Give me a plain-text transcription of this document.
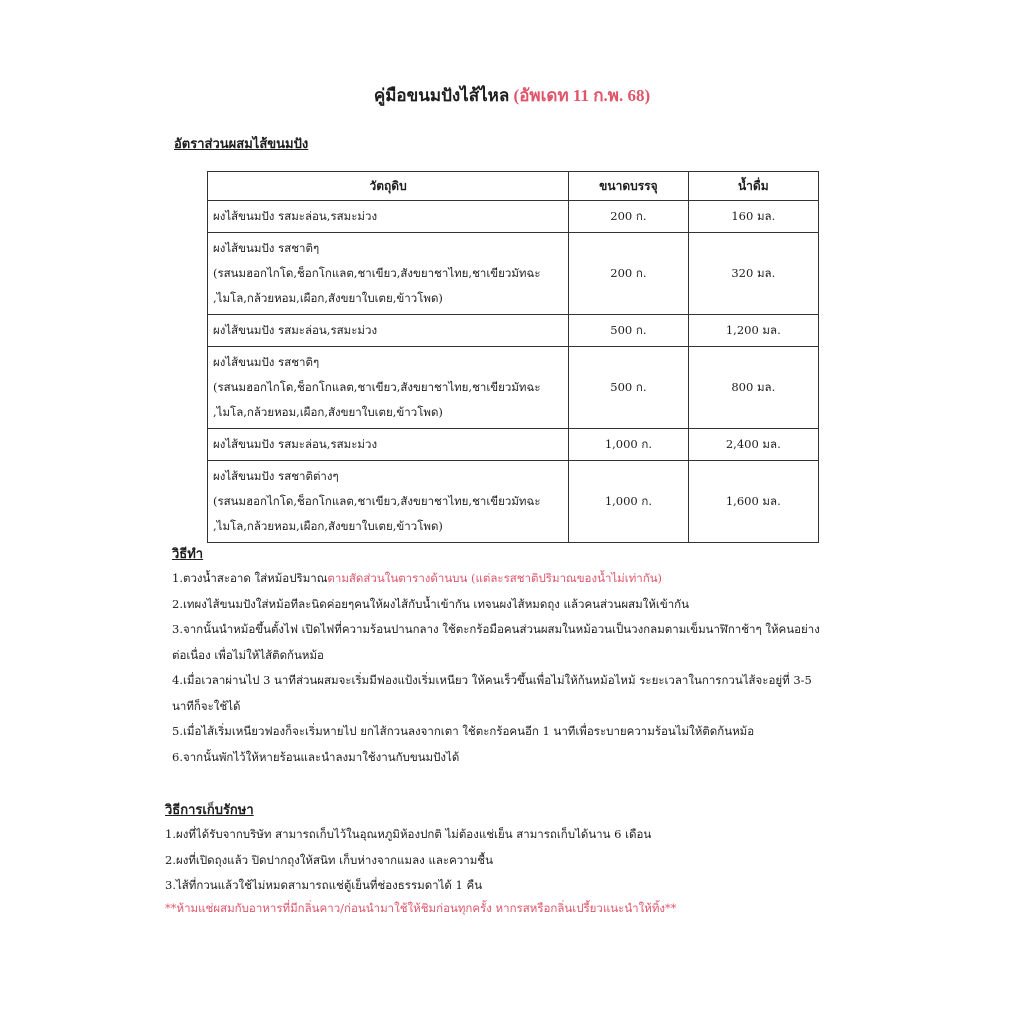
คู่มือขนมปังไส้ไหล (อัพเดท 11 ก.พ. 68)
อัตราส่วนผสมไส้ขนมปัง
วัตถุดิบ	ขนาดบรรจุ	น้ำดื่ม
ผงไส้ขนมปัง รสมะล่อน,รสมะม่วง	200 ก.	160 มล.
ผงไส้ขนมปัง รสชาติๆ
(รสนมฮอกไกโด,ช็อกโกแลต,ชาเขียว,สังขยาชาไทย,ชาเขียวมัทฉะ
,ไมโล,กล้วยหอม,เผือก,สังขยาใบเตย,ข้าวโพด)	200 ก.	320 มล.
ผงไส้ขนมปัง รสมะล่อน,รสมะม่วง	500 ก.	1,200 มล.
ผงไส้ขนมปัง รสชาติๆ
(รสนมฮอกไกโด,ช็อกโกแลต,ชาเขียว,สังขยาชาไทย,ชาเขียวมัทฉะ
,ไมโล,กล้วยหอม,เผือก,สังขยาใบเตย,ข้าวโพด)	500 ก.	800 มล.
ผงไส้ขนมปัง รสมะล่อน,รสมะม่วง	1,000 ก.	2,400 มล.
ผงไส้ขนมปัง รสชาติต่างๆ
(รสนมฮอกไกโด,ช็อกโกแลต,ชาเขียว,สังขยาชาไทย,ชาเขียวมัทฉะ
,ไมโล,กล้วยหอม,เผือก,สังขยาใบเตย,ข้าวโพด)	1,000 ก.	1,600 มล.
วิธีทำ
1.ตวงน้ำสะอาด ใส่หม้อปริมาณตามสัดส่วนในตารางด้านบน (แต่ละรสชาติปริมาณของน้ำไม่เท่ากัน)
2.เทผงไส้ขนมปังใส่หม้อทีละนิดค่อยๆคนให้ผงไส้กับน้ำเข้ากัน เทจนผงไส้หมดถุง แล้วคนส่วนผสมให้เข้ากัน
3.จากนั้นนำหม้อขึ้นตั้งไฟ เปิดไฟที่ความร้อนปานกลาง ใช้ตะกร้อมือคนส่วนผสมในหม้อวนเป็นวงกลมตามเข็มนาฬิกาช้าๆ ให้คนอย่างต่อเนื่อง เพื่อไม่ให้ไส้ติดก้นหม้อ
4.เมื่อเวลาผ่านไป 3 นาทีส่วนผสมจะเริ่มมีฟองแป้งเริ่มเหนียว ให้คนเร็วขึ้นเพื่อไม่ให้ก้นหม้อไหม้ ระยะเวลาในการกวนไส้จะอยู่ที่ 3-5 นาทีก็จะใช้ได้
5.เมื่อไส้เริ่มเหนียวฟองก็จะเริ่มหายไป ยกไส้กวนลงจากเตา ใช้ตะกร้อคนอีก 1 นาทีเพื่อระบายความร้อนไม่ให้ติดก้นหม้อ
6.จากนั้นพักไว้ให้หายร้อนและนำลงมาใช้งานกับขนมปังได้
วิธีการเก็บรักษา
1.ผงที่ได้รับจากบริษัท สามารถเก็บไว้ในอุณหภูมิห้องปกติ ไม่ต้องแช่เย็น สามารถเก็บได้นาน 6 เดือน
2.ผงที่เปิดถุงแล้ว ปิดปากถุงให้สนิท เก็บห่างจากแมลง และความชื้น
3.ไส้ที่กวนแล้วใช้ไม่หมดสามารถแช่ตู้เย็นที่ช่องธรรมดาได้ 1 คืน
**ห้ามแช่ผสมกับอาหารที่มีกลิ่นคาว/ก่อนนำมาใช้ให้ชิมก่อนทุกครั้ง หากรสหรือกลิ่นเปรี้ยวแนะนำให้ทิ้ง**
